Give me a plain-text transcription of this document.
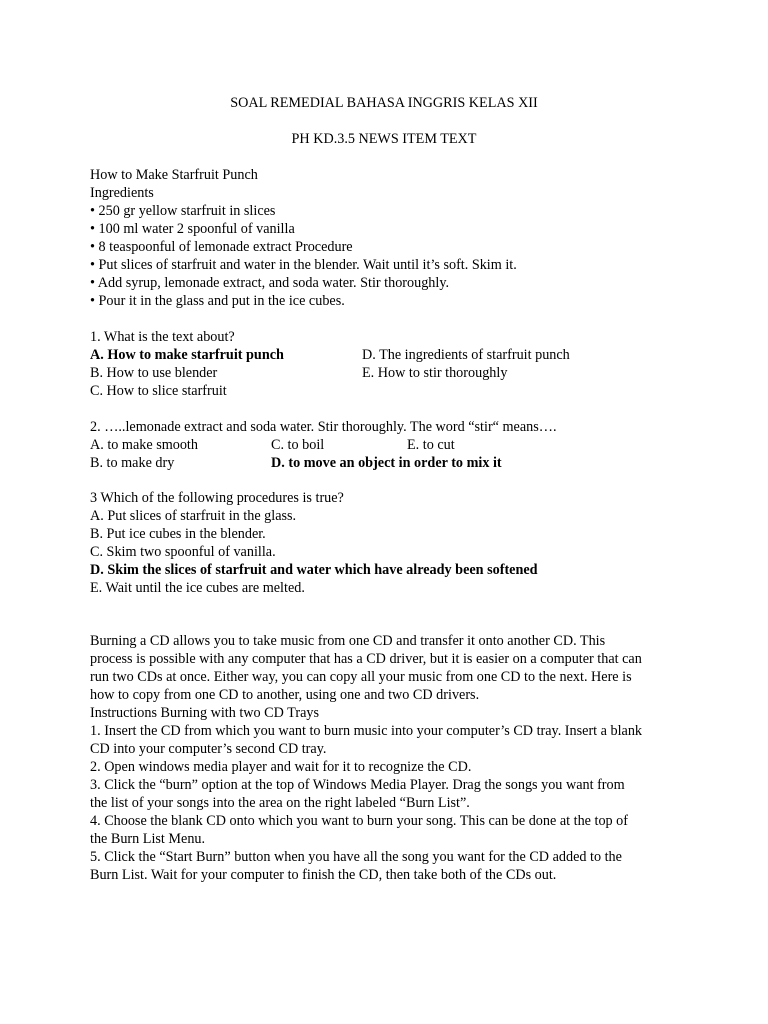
SOAL REMEDIAL BAHASA INGGRIS KELAS XII
PH KD.3.5 NEWS ITEM TEXT
How to Make Starfruit Punch
Ingredients
• 250 gr yellow starfruit in slices
• 100 ml water 2 spoonful of vanilla
• 8 teaspoonful of lemonade extract Procedure
• Put slices of starfruit and water in the blender. Wait until it’s soft. Skim it.
• Add syrup, lemonade extract, and soda water. Stir thoroughly.
• Pour it in the glass and put in the ice cubes.
1. What is the text about?
A. How to make starfruit punch	D. The ingredients of starfruit punch
B. How to use blender	E. How to stir thoroughly
C. How to slice starfruit
2. …..lemonade extract and soda water. Stir thoroughly. The word “stir“ means….
A. to make smooth	C. to boil	E. to cut
B. to make dry	D. to move an object in order to mix it
3 Which of the following procedures is true?
A. Put slices of starfruit in the glass.
B. Put ice cubes in the blender.
C. Skim two spoonful of vanilla.
D. Skim the slices of starfruit and water which have already been softened
E. Wait until the ice cubes are melted.
Burning a CD allows you to take music from one CD and transfer it onto another CD. This
process is possible with any computer that has a CD driver, but it is easier on a computer that can
run two CDs at once. Either way, you can copy all your music from one CD to the next. Here is
how to copy from one CD to another, using one and two CD drivers.
Instructions Burning with two CD Trays
1. Insert the CD from which you want to burn music into your computer’s CD tray. Insert a blank
CD into your computer’s second CD tray.
2. Open windows media player and wait for it to recognize the CD.
3. Click the “burn” option at the top of Windows Media Player. Drag the songs you want from
the list of your songs into the area on the right labeled “Burn List”.
4. Choose the blank CD onto which you want to burn your song. This can be done at the top of
the Burn List Menu.
5. Click the “Start Burn” button when you have all the song you want for the CD added to the
Burn List. Wait for your computer to finish the CD, then take both of the CDs out.
